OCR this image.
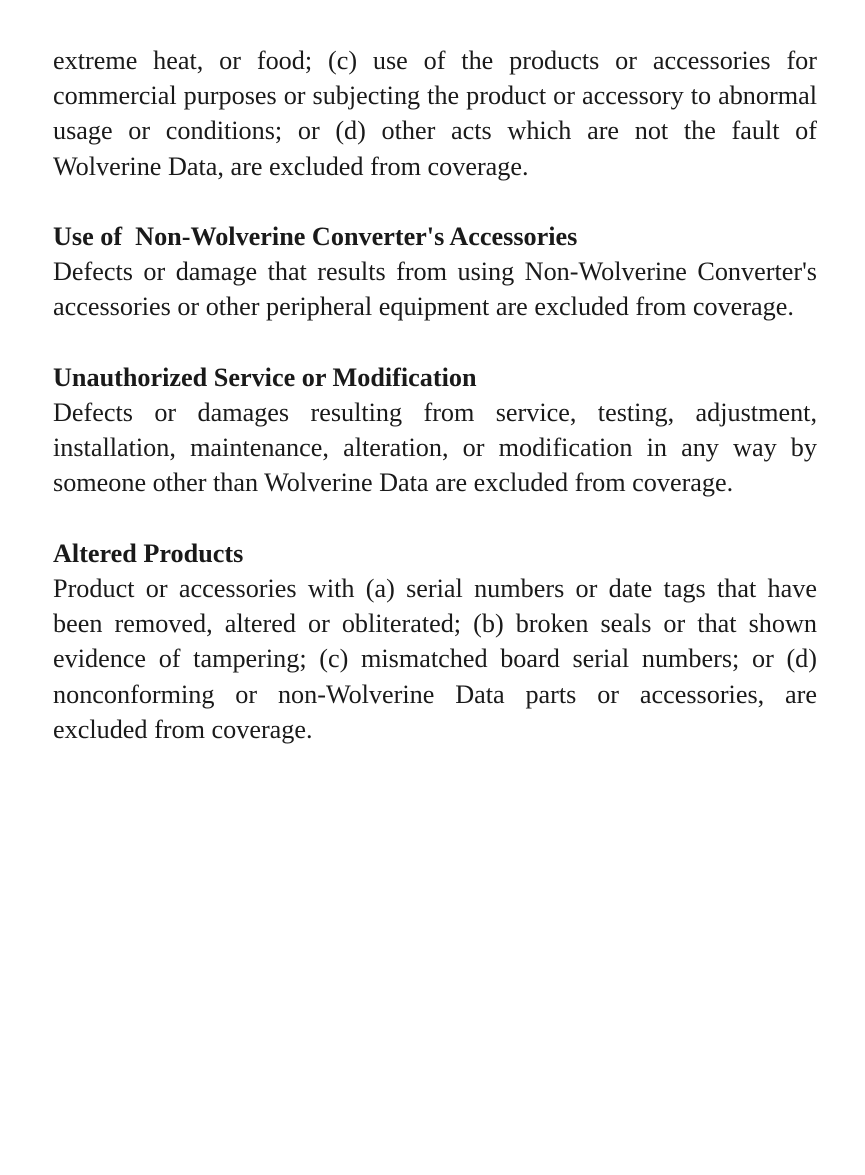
extreme heat, or food; (c) use of the products or accessories for commercial purposes or subjecting the product or accessory to abnormal usage or conditions; or (d) other acts which are not the fault of Wolverine Data, are excluded from coverage.

Use of  Non-Wolverine Converter's Accessories

Defects or damage that results from using Non-Wolverine Converter's accessories or other peripheral equipment are excluded from coverage.

Unauthorized Service or Modification

Defects or damages resulting from service, testing, adjustment, installation, maintenance, alteration, or modification in any way by someone other than Wolverine Data are excluded from coverage.

Altered Products

Product or accessories with (a) serial numbers or date tags that have been removed, altered or obliterated; (b) broken seals or that shown evidence of tampering; (c) mismatched board serial numbers; or (d) nonconforming or non-Wolverine Data parts or accessories, are excluded from coverage.
